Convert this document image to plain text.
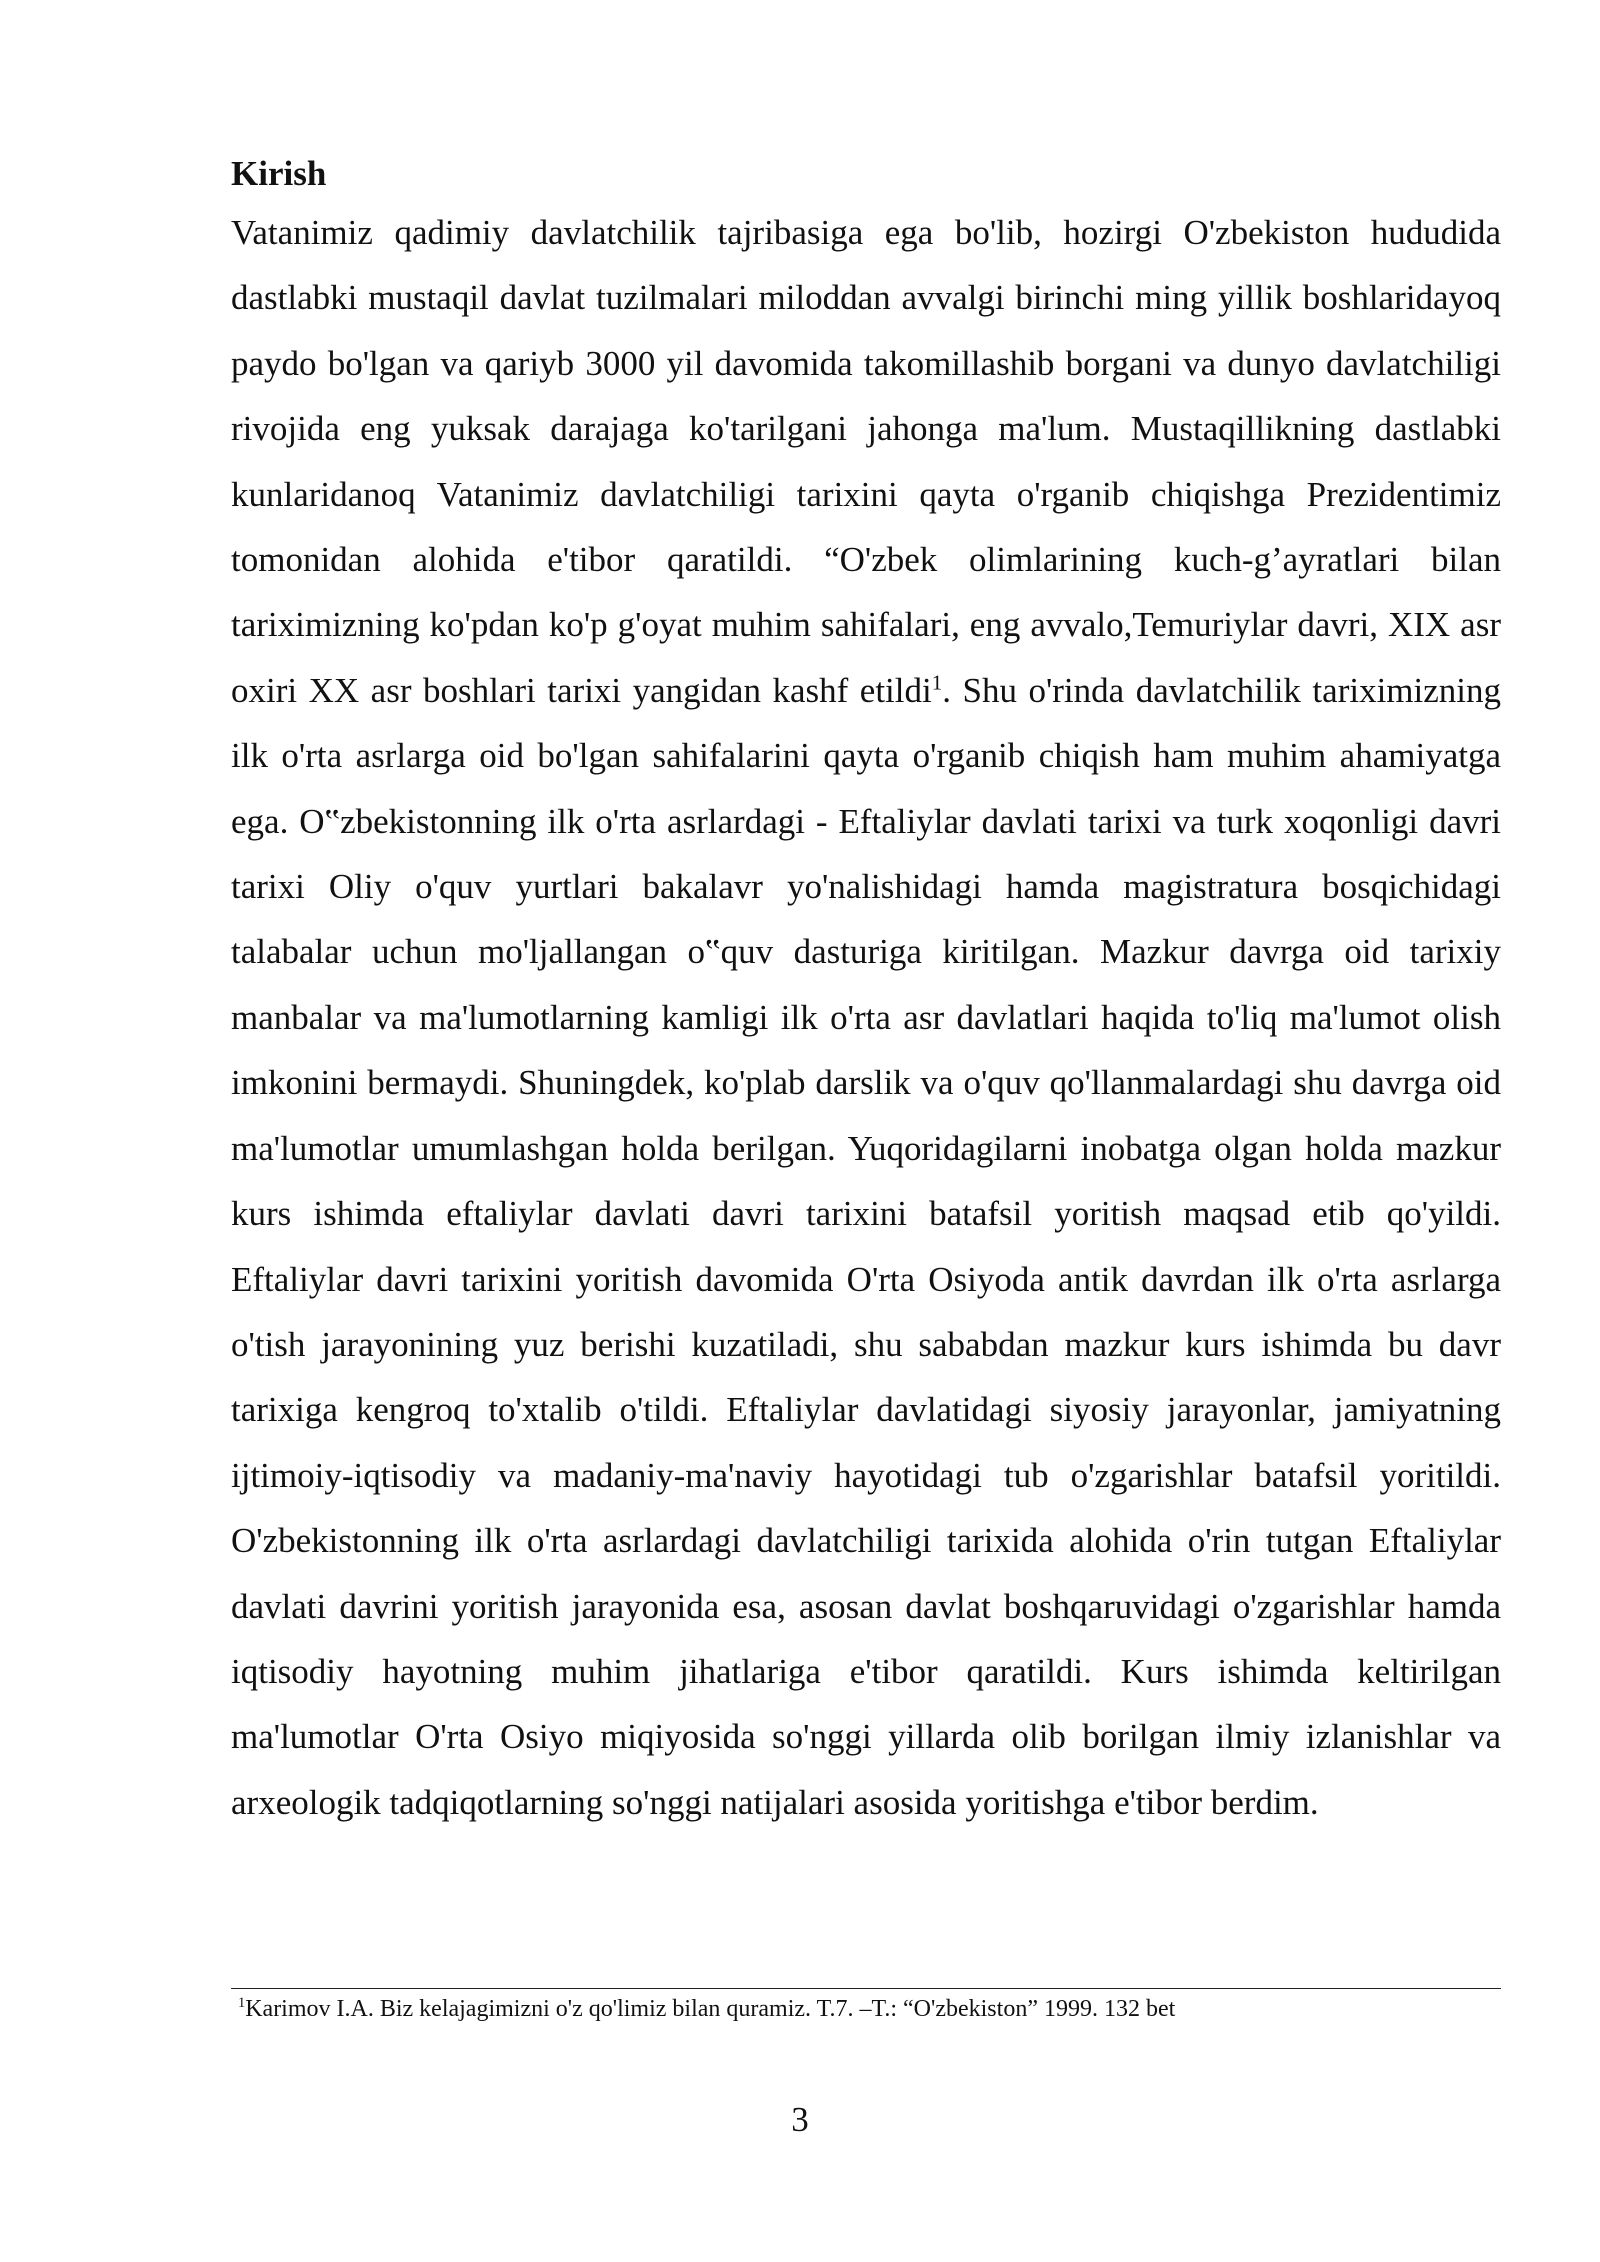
Kirish

Vatanimiz qadimiy davlatchilik tajribasiga ega bo'lib, hozirgi O'zbekiston hududida dastlabki mustaqil davlat tuzilmalari miloddan avvalgi birinchi ming yillik boshlaridayoq paydo bo'lgan va qariyb 3000 yil davomida takomillashib borgani va dunyo davlatchiligi rivojida eng yuksak darajaga ko'tarilgani jahonga ma'lum. Mustaqillikning dastlabki kunlaridanoq Vatanimiz davlatchiligi tarixini qayta o'rganib chiqishga Prezidentimiz tomonidan alohida e'tibor qaratildi. “O'zbek olimlarining kuch-g’ayratlari bilan tariximizning ko'pdan ko'p g'oyat muhim sahifalari, eng avvalo,Temuriylar davri, XIX asr oxiri XX asr boshlari tarixi yangidan kashf etildi$^1$. Shu o'rinda davlatchilik tariximizning ilk o'rta asrlarga oid bo'lgan sahifalarini qayta o'rganib chiqish ham muhim ahamiyatga ega. O‟zbekistonning ilk o'rta asrlardagi - Eftaliylar davlati tarixi va turk xoqonligi davri tarixi Oliy o'quv yurtlari bakalavr yo'nalishidagi hamda magistratura bosqichidagi talabalar uchun mo'ljallangan o‟quv dasturiga kiritilgan. Mazkur davrga oid tarixiy manbalar va ma'lumotlarning kamligi ilk o'rta asr davlatlari haqida to'liq ma'lumot olish imkonini bermaydi. Shuningdek, ko'plab darslik va o'quv qo'llanmalardagi shu davrga oid ma'lumotlar umumlashgan holda berilgan. Yuqoridagilarni inobatga olgan holda mazkur kurs ishimda eftaliylar davlati davri tarixini batafsil yoritish maqsad etib qo'yildi. Eftaliylar davri tarixini yoritish davomida O'rta Osiyoda antik davrdan ilk o'rta asrlarga o'tish jarayonining yuz berishi kuzatiladi, shu sababdan mazkur kurs ishimda bu davr tarixiga kengroq to'xtalib o'tildi. Eftaliylar davlatidagi siyosiy jarayonlar, jamiyatning ijtimoiy-iqtisodiy va madaniy-ma'naviy hayotidagi tub o'zgarishlar batafsil yoritildi. O'zbekistonning ilk o'rta asrlardagi davlatchiligi tarixida alohida o'rin tutgan Eftaliylar davlati davrini yoritish jarayonida esa, asosan davlat boshqaruvidagi o'zgarishlar hamda iqtisodiy hayotning muhim jihatlariga e'tibor qaratildi. Kurs ishimda keltirilgan ma'lumotlar O'rta Osiyo miqiyosida so'nggi yillarda olib borilgan ilmiy izlanishlar va arxeologik tadqiqotlarning so'nggi natijalari asosida yoritishga e'tibor berdim.

$^1$Karimov I.A. Biz kelajagimizni o'z qo'limiz bilan quramiz. T.7. –T.: “O'zbekiston” 1999. 132 bet

3
